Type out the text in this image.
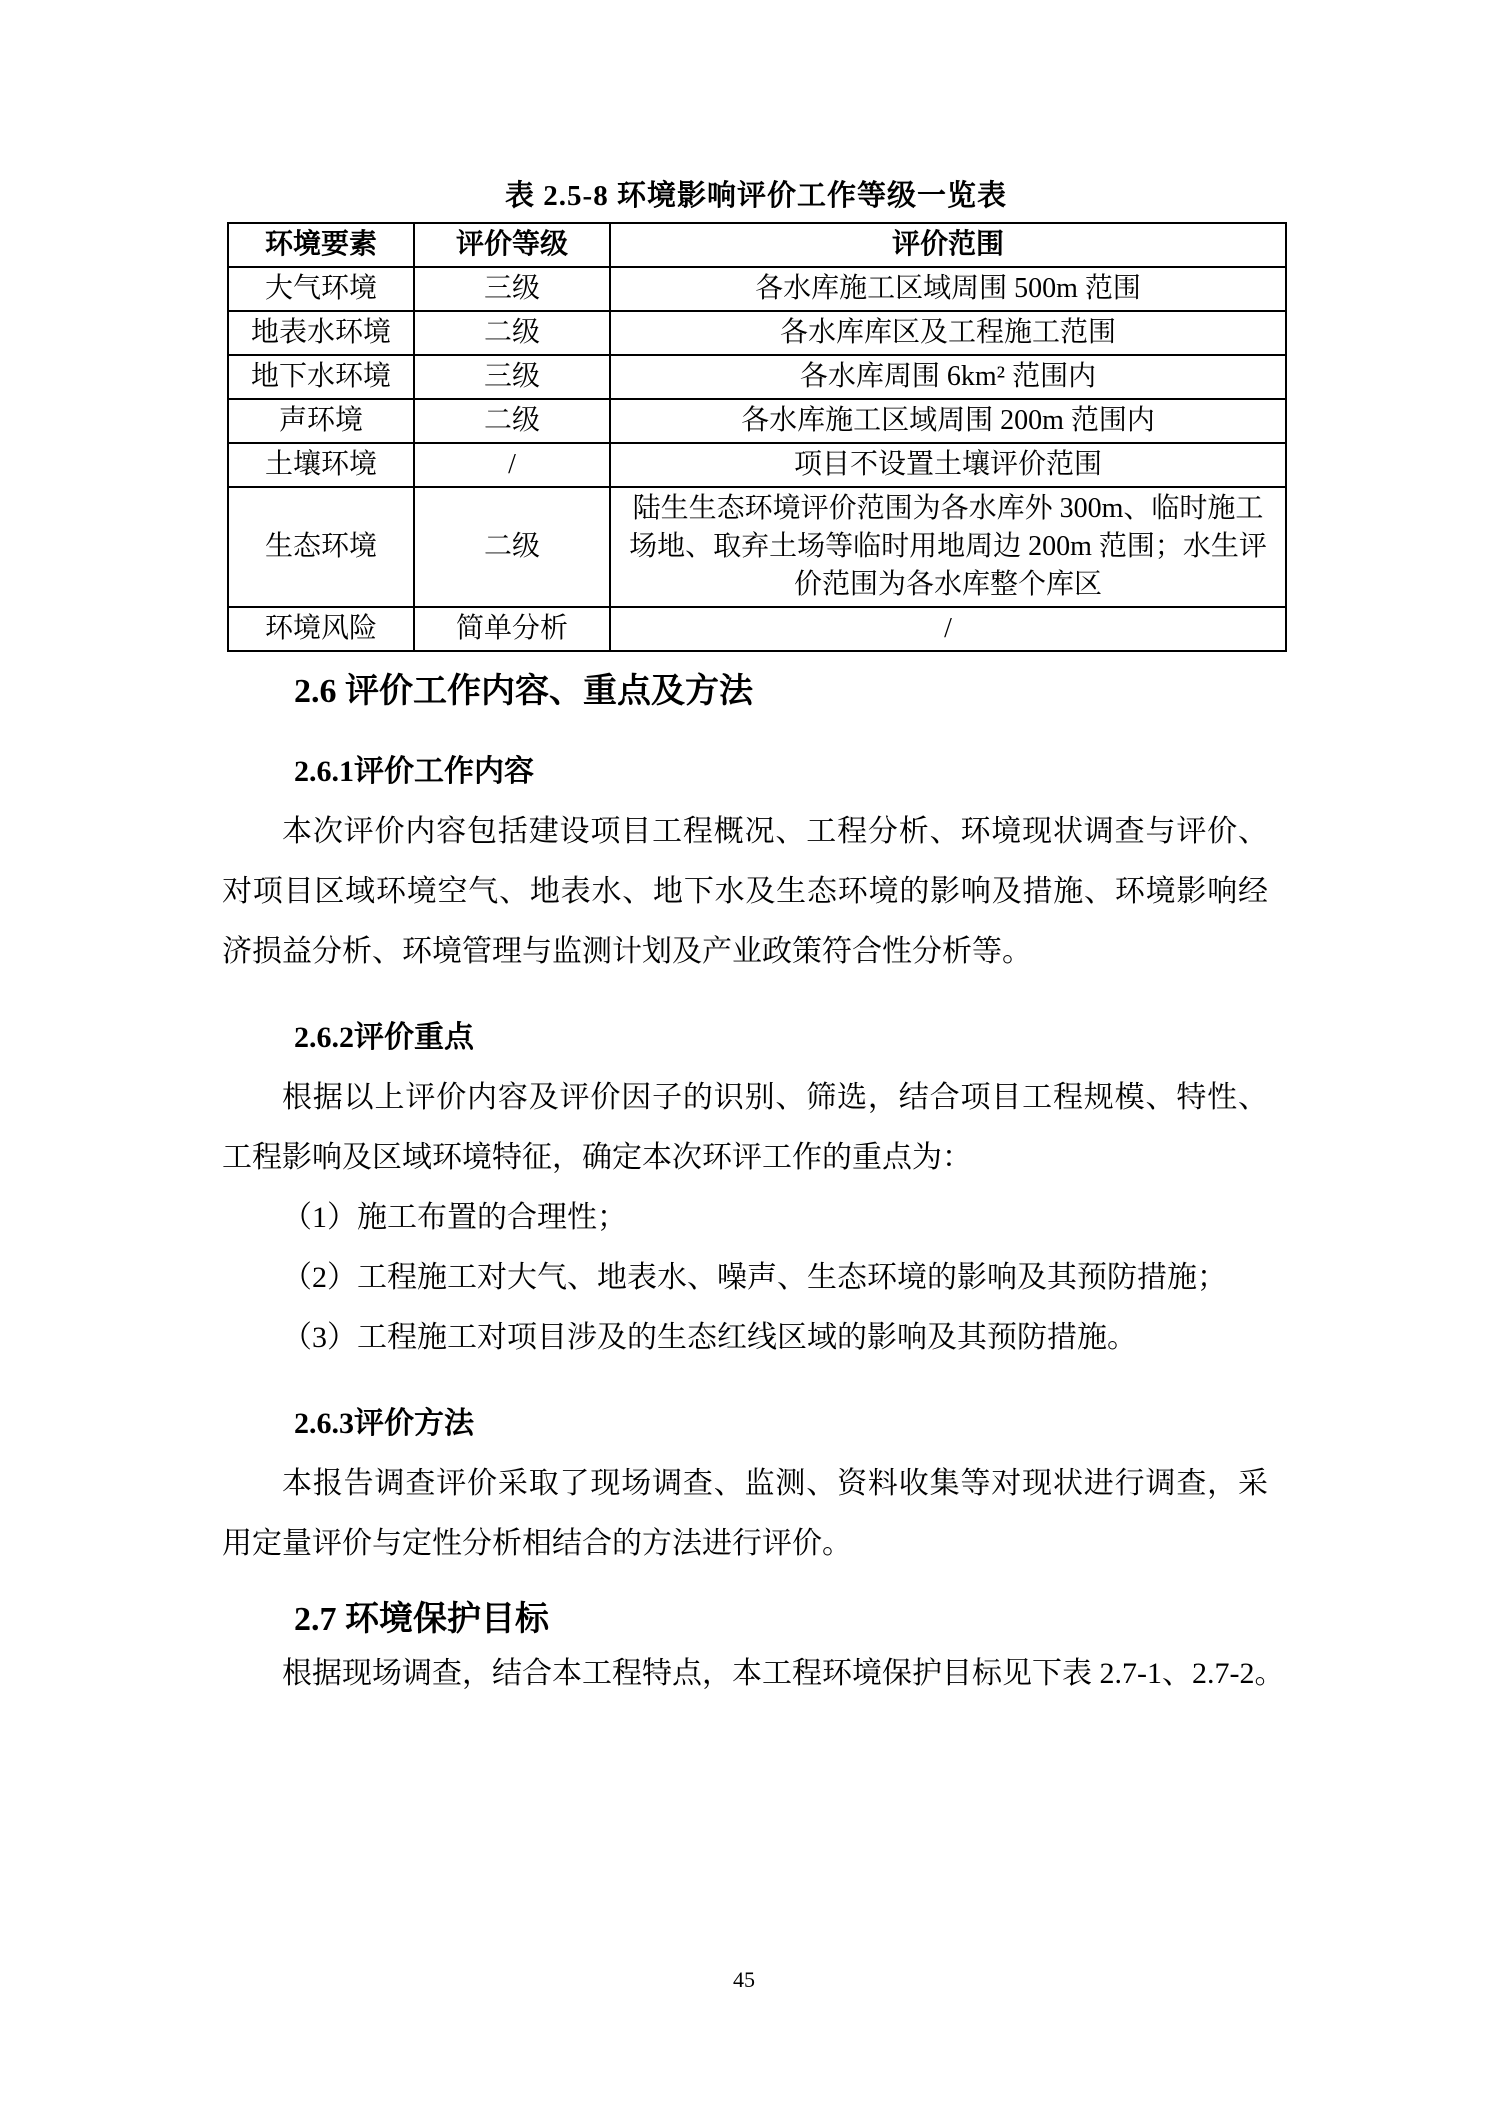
表 2.5-8 环境影响评价工作等级一览表
环境要素	评价等级	评价范围
大气环境	三级	各水库施工区域周围 500m 范围
地表水环境	二级	各水库库区及工程施工范围
地下水环境	三级	各水库周围 6km² 范围内
声环境	二级	各水库施工区域周围 200m 范围内
土壤环境	/	项目不设置土壤评价范围
生态环境	二级	陆生生态环境评价范围为各水库外 300m、临时施工场地、取弃土场等临时用地周边 200m 范围；水生评价范围为各水库整个库区
环境风险	简单分析	/
2.6 评价工作内容、重点及方法
2.6.1评价工作内容

本次评价内容包括建设项目工程概况、工程分析、环境现状调查与评价、对项目区域环境空气、地表水、地下水及生态环境的影响及措施、环境影响经济损益分析、环境管理与监测计划及产业政策符合性分析等。

2.6.2评价重点

根据以上评价内容及评价因子的识别、筛选，结合项目工程规模、特性、工程影响及区域环境特征，确定本次环评工作的重点为：

（1）施工布置的合理性；

（2）工程施工对大气、地表水、噪声、生态环境的影响及其预防措施；

（3）工程施工对项目涉及的生态红线区域的影响及其预防措施。

2.6.3评价方法

本报告调查评价采取了现场调查、监测、资料收集等对现状进行调查，采用定量评价与定性分析相结合的方法进行评价。

2.7 环境保护目标

根据现场调查，结合本工程特点，本工程环境保护目标见下表 2.7-1、2.7-2。

45
